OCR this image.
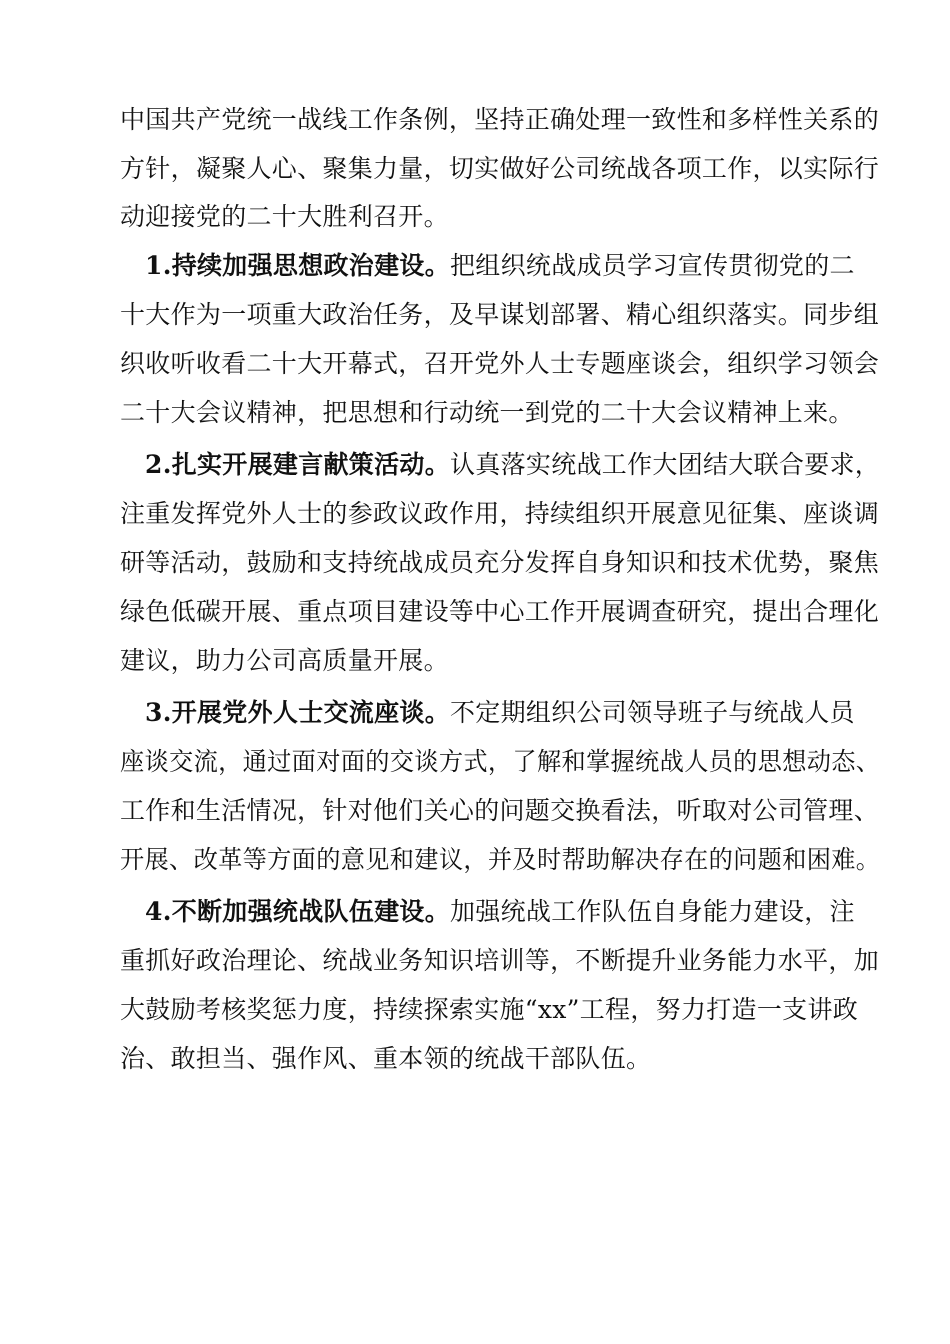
中国共产党统一战线工作条例，坚持正确处理一致性和多样性关系的
方针，凝聚人心、聚集力量，切实做好公司统战各项工作，以实际行
动迎接党的二十大胜利召开。
1.持续加强思想政治建设。把组织统战成员学习宣传贯彻党的二
十大作为一项重大政治任务，及早谋划部署、精心组织落实。同步组
织收听收看二十大开幕式，召开党外人士专题座谈会，组织学习领会
二十大会议精神，把思想和行动统一到党的二十大会议精神上来。
2.扎实开展建言献策活动。认真落实统战工作大团结大联合要求，
注重发挥党外人士的参政议政作用，持续组织开展意见征集、座谈调
研等活动，鼓励和支持统战成员充分发挥自身知识和技术优势，聚焦
绿色低碳开展、重点项目建设等中心工作开展调查研究，提出合理化
建议，助力公司高质量开展。
3.开展党外人士交流座谈。不定期组织公司领导班子与统战人员
座谈交流，通过面对面的交谈方式，了解和掌握统战人员的思想动态、
工作和生活情况，针对他们关心的问题交换看法，听取对公司管理、
开展、改革等方面的意见和建议，并及时帮助解决存在的问题和困难。
4.不断加强统战队伍建设。加强统战工作队伍自身能力建设，注
重抓好政治理论、统战业务知识培训等，不断提升业务能力水平，加
大鼓励考核奖惩力度，持续探索实施“xx”工程，努力打造一支讲政
治、敢担当、强作风、重本领的统战干部队伍。
